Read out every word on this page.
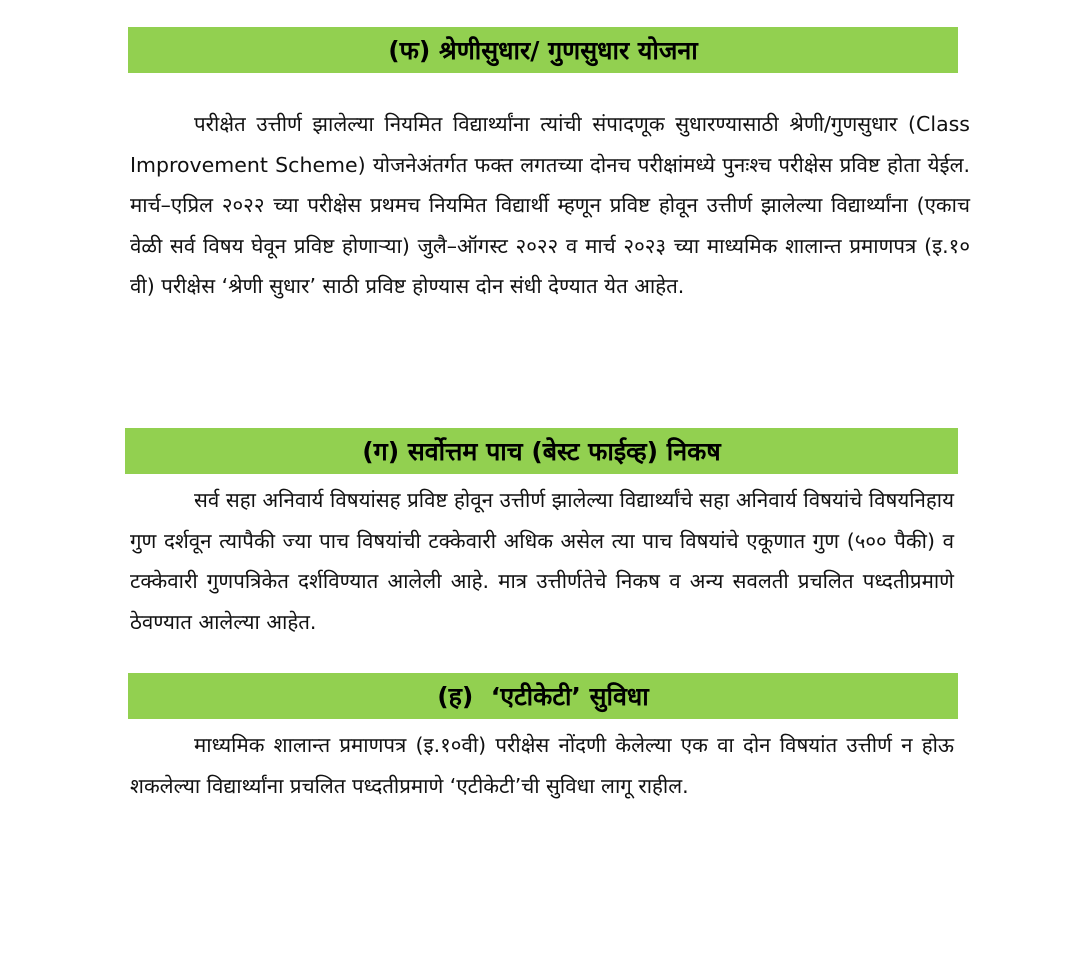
(फ) श्रेणीसुधार/ गुणसुधार योजना
परीक्षेत उत्तीर्ण झालेल्या नियमित विद्यार्थ्यांना त्यांची संपादणूक सुधारण्यासाठी श्रेणी/गुणसुधार (Class Improvement Scheme) योजनेअंतर्गत फक्त लगतच्या दोनच परीक्षांमध्ये पुनःश्च परीक्षेस प्रविष्ट होता येईल. मार्च–एप्रिल २०२२ च्या परीक्षेस प्रथमच नियमित विद्यार्थी म्हणून प्रविष्ट होवून उत्तीर्ण झालेल्या विद्यार्थ्यांना (एकाच वेळी सर्व विषय घेवून प्रविष्ट होणाऱ्या) जुलै–ऑगस्ट २०२२ व मार्च २०२३ च्या माध्यमिक शालान्त प्रमाणपत्र (इ.१० वी) परीक्षेस ‘श्रेणी सुधार’ साठी प्रविष्ट होण्यास दोन संधी देण्यात येत आहेत.
(ग) सर्वोत्तम पाच (बेस्ट फाईव्ह) निकष
सर्व सहा अनिवार्य विषयांसह प्रविष्ट होवून उत्तीर्ण झालेल्या विद्यार्थ्यांचे सहा अनिवार्य विषयांचे विषयनिहाय गुण दर्शवून त्यापैकी ज्या पाच विषयांची टक्केवारी अधिक असेल त्या पाच विषयांचे एकूणात गुण (५०० पैकी) व टक्केवारी गुणपत्रिकेत दर्शविण्यात आलेली आहे. मात्र उत्तीर्णतेचे निकष व अन्य सवलती प्रचलित पध्दतीप्रमाणे ठेवण्यात आलेल्या आहेत.
(ह)  ‘एटीकेटी’ सुविधा
माध्यमिक शालान्त प्रमाणपत्र (इ.१०वी) परीक्षेस नोंदणी केलेल्या एक वा दोन विषयांत उत्तीर्ण न होऊ शकलेल्या विद्यार्थ्यांना प्रचलित पध्दतीप्रमाणे ‘एटीकेटी’ची सुविधा लागू राहील.
